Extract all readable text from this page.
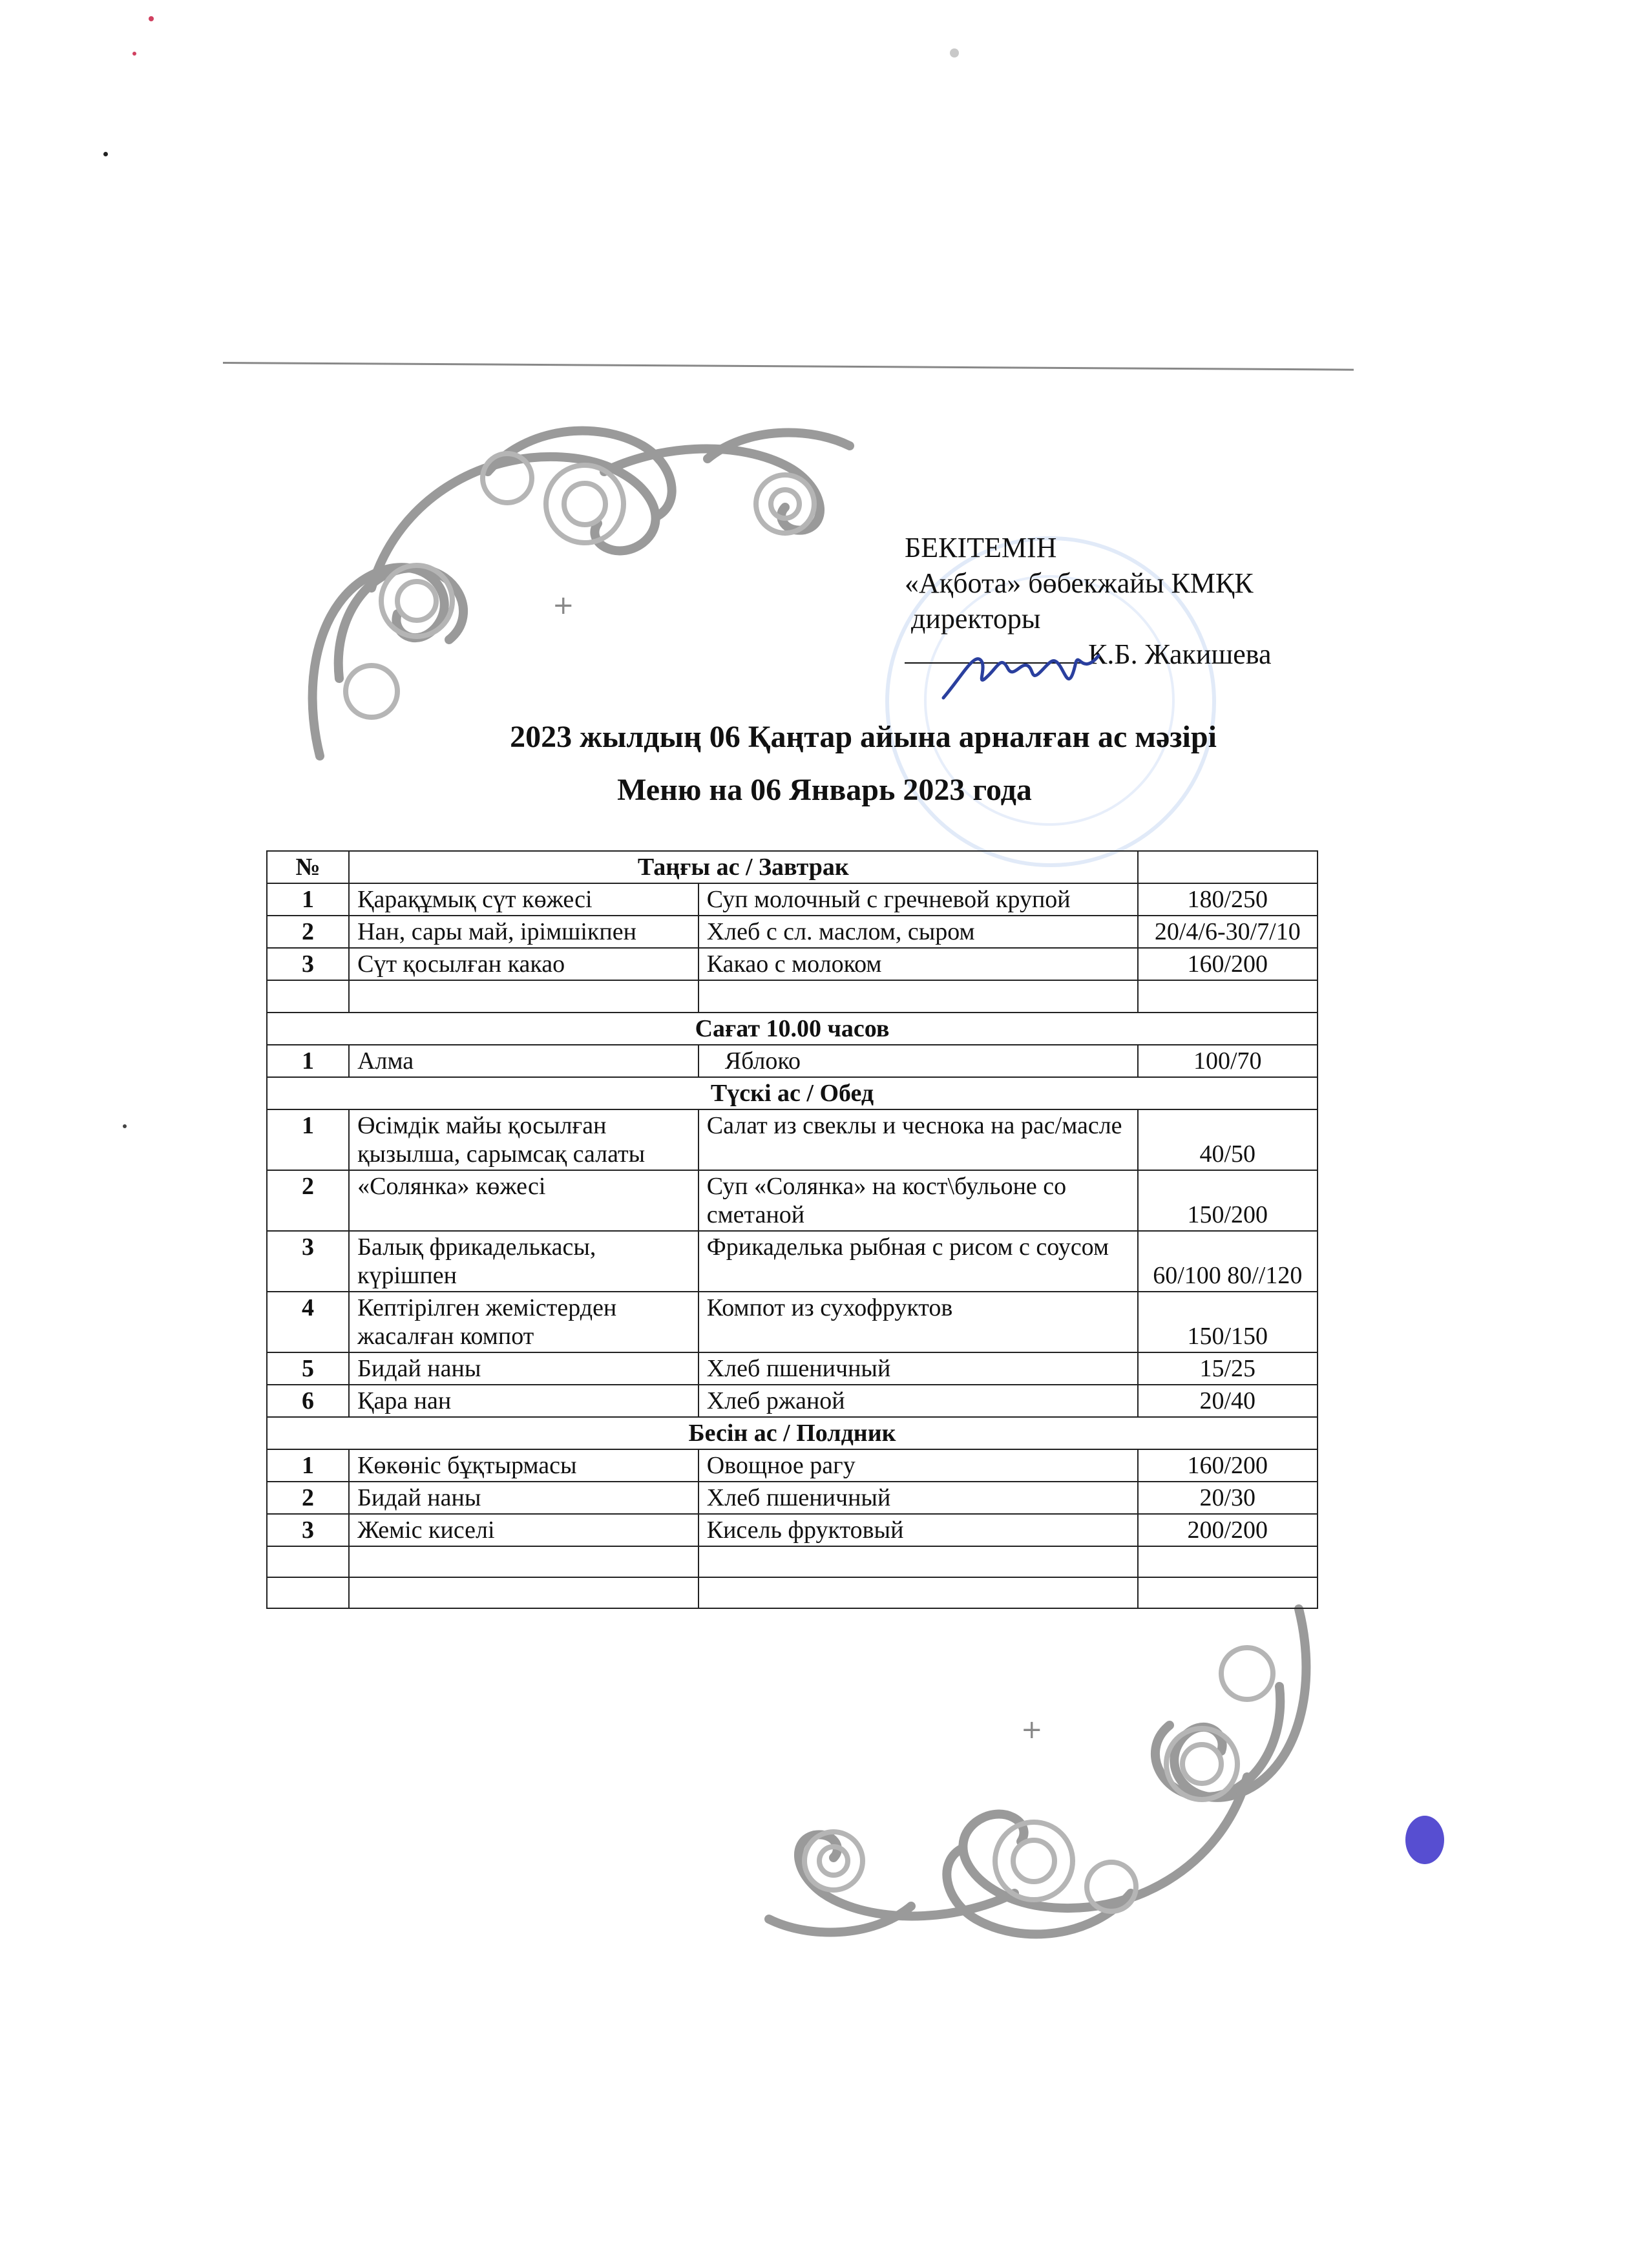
+
+
БЕКІТЕМІН
«Ақбота» бөбекжайы КМҚК
директоры
К.Б. Жакишева
2023 жылдың 06 Қаңтар айына арналған ас мәзірі
Меню на 06 Январь 2023 года
№	Таңғы ас / Завтрак		
1	Қарақұмық сүт көжесі	Суп молочный с гречневой крупой	180/250
2	Нан, сары май, ірімшікпен	Хлеб с сл. маслом, сыром	20/4/6-30/7/10
3	Сүт қосылған какао	Какао с молоком	160/200

Сағат 10.00 часов			
1	Алма	Яблоко	100/70
Түскі ас / Обед			
1	Өсімдік майы қосылған қызылша, сарымсақ салаты	Салат из свеклы и чеснока на рас/масле	40/50
2	«Солянка» көжесі	Суп «Солянка» на кост\бульоне со сметаной	150/200
3	Балық фрикаделькасы, күрішпен	Фрикаделька рыбная с рисом с соусом	60/100 80//120
4	Кептірілген жемістерден жасалған компот	Компот из сухофруктов	150/150
5	Бидай наны	Хлеб пшеничный	15/25
6	Қара нан	Хлеб ржаной	20/40
Бесін ас / Полдник			
1	Көкөніс бұқтырмасы	Овощное рагу	160/200
2	Бидай наны	Хлеб пшеничный	20/30
3	Жеміс киселі	Кисель фруктовый	200/200
